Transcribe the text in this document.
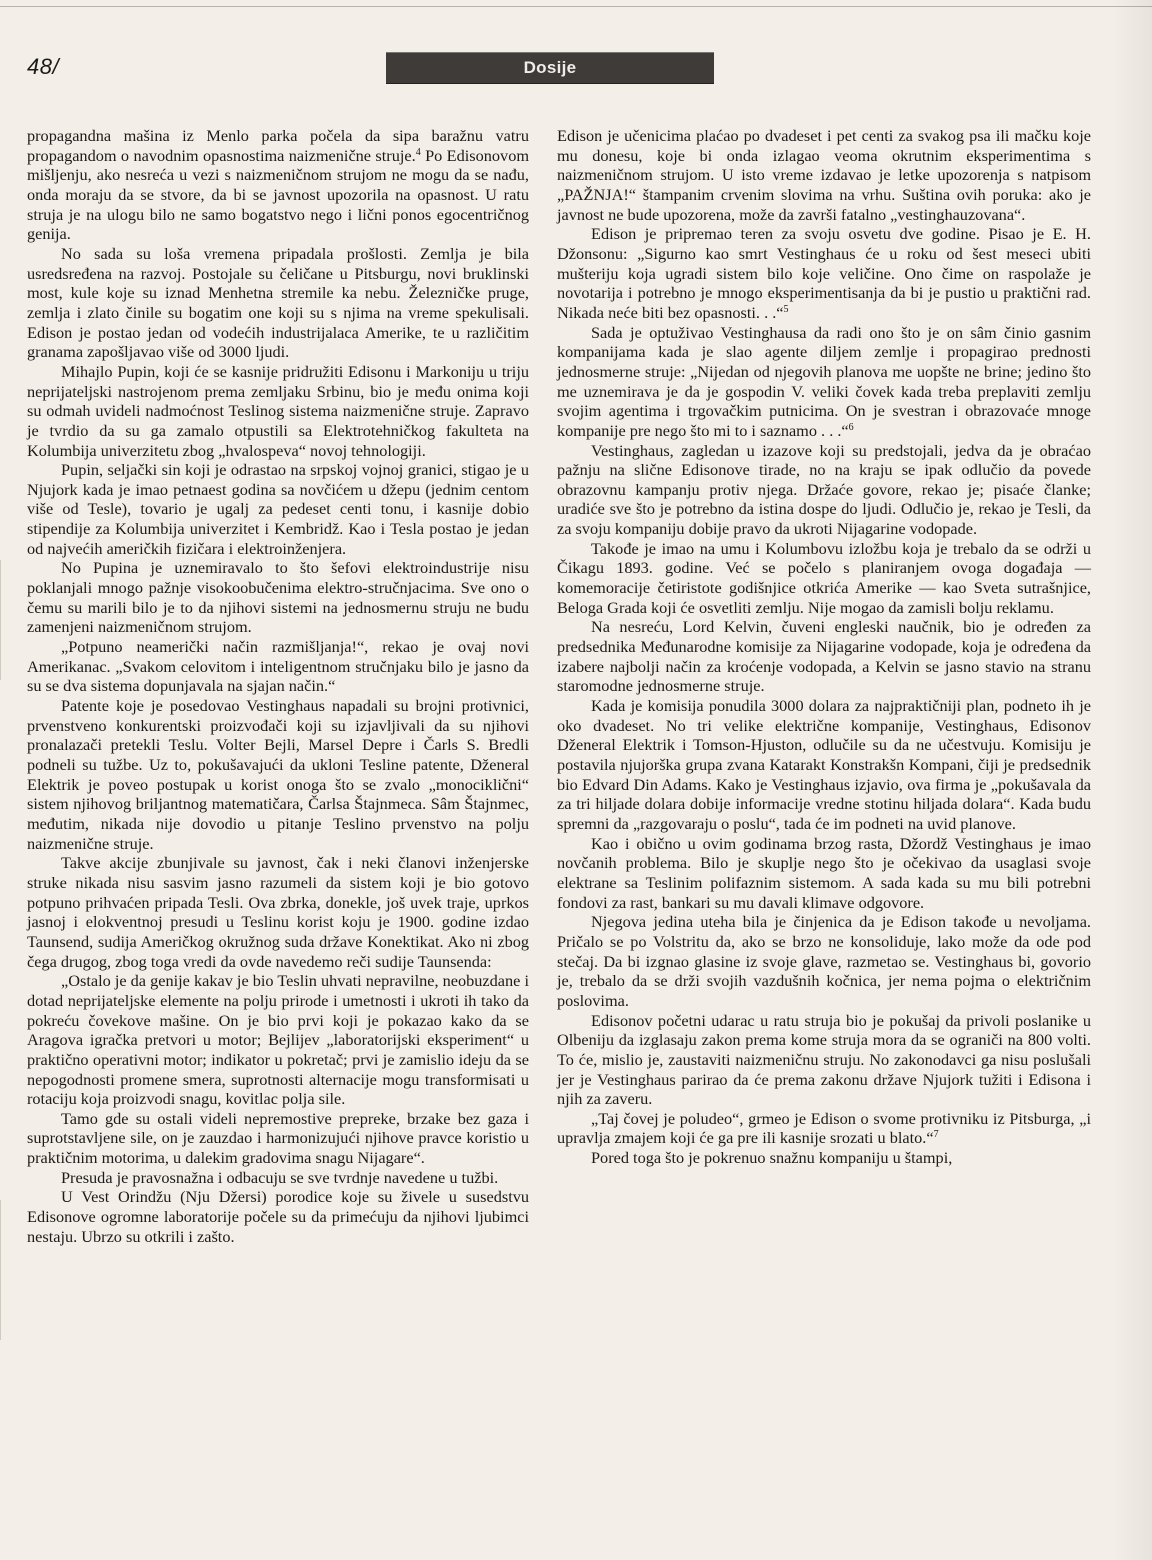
48/	Dosije

propagandna mašina iz Menlo parka počela da sipa baražnu vatru propagandom o navodnim opasnostima naizmenične struje.$^4$ Po Edisonovom mišljenju, ako nesreća u vezi s naizmeničnom strujom ne mogu da se nađu, onda moraju da se stvore, da bi se javnost upozorila na opasnost. U ratu struja je na ulogu bilo ne samo bogatstvo nego i lični ponos egocentričnog genija.

No sada su loša vremena pripadala prošlosti. Zemlja je bila usredsređena na razvoj. Postojale su čeličane u Pitsburgu, novi bruklinski most, kule koje su iznad Menhetna stremile ka nebu. Železničke pruge, zemlja i zlato činile su bogatim one koji su s njima na vreme spekulisali. Edison je postao jedan od vodećih industrijalaca Amerike, te u različitim granama zapošljavao više od 3000 ljudi.

Mihajlo Pupin, koji će se kasnije pridružiti Edisonu i Markoniju u triju neprijateljski nastrojenom prema zemljaku Srbinu, bio je među onima koji su odmah uvideli nadmoćnost Teslinog sistema naizmenične struje. Zapravo je tvrdio da su ga zamalo otpustili sa Elektrotehničkog fakulteta na Kolumbija univerzitetu zbog „hvalospeva“ novoj tehnologiji.

Pupin, seljački sin koji je odrastao na srpskoj vojnoj granici, stigao je u Njujork kada je imao petnaest godina sa novčićem u džepu (jednim centom više od Tesle), tovario je ugalj za pedeset centi tonu, i kasnije dobio stipendije za Kolumbija univerzitet i Kembridž. Kao i Tesla postao je jedan od najvećih američkih fizičara i elektroinženjera.

No Pupina je uznemiravalo to što šefovi elektroindustrije nisu poklanjali mnogo pažnje visokoobučenima elektro-stručnjacima. Sve ono o čemu su marili bilo je to da njihovi sistemi na jednosmernu struju ne budu zamenjeni naizmeničnom strujom.

„Potpuno neamerički način razmišljanja!“, rekao je ovaj novi Amerikanac. „Svakom celovitom i inteligentnom stručnjaku bilo je jasno da su se dva sistema dopunjavala na sjajan način.“

Patente koje je posedovao Vestinghaus napadali su brojni protivnici, prvenstveno konkurentski proizvođači koji su izjavljivali da su njihovi pronalazači pretekli Teslu. Volter Bejli, Marsel Depre i Čarls S. Bredli podneli su tužbe. Uz to, pokušavajući da ukloni Tesline patente, Dženeral Elektrik je poveo postupak u korist onoga što se zvalo „monociklični“ sistem njihovog briljantnog matematičara, Čarlsa Štajnmeca. Sâm Štajnmec, međutim, nikada nije dovodio u pitanje Teslino prvenstvo na polju naizmenične struje.

Takve akcije zbunjivale su javnost, čak i neki članovi inženjerske struke nikada nisu sasvim jasno razumeli da sistem koji je bio gotovo potpuno prihvaćen pripada Tesli. Ova zbrka, donekle, još uvek traje, uprkos jasnoj i elokventnoj presudi u Teslinu korist koju je 1900. godine izdao Taunsend, sudija Američkog okružnog suda države Konektikat. Ako ni zbog čega drugog, zbog toga vredi da ovde navedemo reči sudije Taunsenda:

„Ostalo je da genije kakav je bio Teslin uhvati nepravilne, neobuzdane i dotad neprijateljske elemente na polju prirode i umetnosti i ukroti ih tako da pokreću čovekove mašine. On je bio prvi koji je pokazao kako da se Aragova igračka pretvori u motor; Bejlijev „laboratorijski eksperiment“ u praktično operativni motor; indikator u pokretač; prvi je zamislio ideju da se nepogodnosti promene smera, suprotnosti alternacije mogu transformisati u rotaciju koja proizvodi snagu, kovitlac polja sile.

Tamo gde su ostali videli nepremostive prepreke, brzake bez gaza i suprotstavljene sile, on je zauzdao i harmonizujući njihove pravce koristio u praktičnim motorima, u dalekim gradovima snagu Nijagare“.

Presuda je pravosnažna i odbacuju se sve tvrdnje navedene u tužbi.

U Vest Orindžu (Nju Džersi) porodice koje su živele u susedstvu Edisonove ogromne laboratorije počele su da primećuju da njihovi ljubimci nestaju. Ubrzo su otkrili i zašto.

Edison je učenicima plaćao po dvadeset i pet centi za svakog psa ili mačku koje mu donesu, koje bi onda izlagao veoma okrutnim eksperimentima s naizmeničnom strujom. U isto vreme izdavao je letke upozorenja s natpisom „PAŽNJA!“ štampanim crvenim slovima na vrhu. Suština ovih poruka: ako je javnost ne bude upozorena, može da završi fatalno „vestinghauzovana“.

Edison je pripremao teren za svoju osvetu dve godine. Pisao je E. H. Džonsonu: „Sigurno kao smrt Vestinghaus će u roku od šest meseci ubiti mušteriju koja ugradi sistem bilo koje veličine. Ono čime on raspolaže je novotarija i potrebno je mnogo eksperimentisanja da bi je pustio u praktični rad. Nikada neće biti bez opasnosti. . .“$^5$

Sada je optuživao Vestinghausa da radi ono što je on sâm činio gasnim kompanijama kada je slao agente diljem zemlje i propagirao prednosti jednosmerne struje: „Nijedan od njegovih planova me uopšte ne brine; jedino što me uznemirava je da je gospodin V. veliki čovek kada treba preplaviti zemlju svojim agentima i trgovačkim putnicima. On je svestran i obrazovaće mnoge kompanije pre nego što mi to i saznamo . . .“$^6$

Vestinghaus, zagledan u izazove koji su predstojali, jedva da je obraćao pažnju na slične Edisonove tirade, no na kraju se ipak odlučio da povede obrazovnu kampanju protiv njega. Držaće govore, rekao je; pisaće članke; uradiće sve što je potrebno da istina dospe do ljudi. Odlučio je, rekao je Tesli, da za svoju kompaniju dobije pravo da ukroti Nijagarine vodopade.

Takođe je imao na umu i Kolumbovu izložbu koja je trebalo da se održi u Čikagu 1893. godine. Već se počelo s planiranjem ovoga događaja — komemoracije četiristote godišnjice otkrića Amerike — kao Sveta sutrašnjice, Beloga Grada koji će osvetliti zemlju. Nije mogao da zamisli bolju reklamu.

Na nesreću, Lord Kelvin, čuveni engleski naučnik, bio je određen za predsednika Međunarodne komisije za Nijagarine vodopade, koja je određena da izabere najbolji način za kroćenje vodopada, a Kelvin se jasno stavio na stranu staromodne jednosmerne struje.

Kada je komisija ponudila 3000 dolara za najpraktičniji plan, podneto ih je oko dvadeset. No tri velike električne kompanije, Vestinghaus, Edisonov Dženeral Elektrik i Tomson-Hjuston, odlučile su da ne učestvuju. Komisiju je postavila njujorška grupa zvana Katarakt Konstrakšn Kompani, čiji je predsednik bio Edvard Din Adams. Kako je Vestinghaus izjavio, ova firma je „pokušavala da za tri hiljade dolara dobije informacije vredne stotinu hiljada dolara“. Kada budu spremni da „razgovaraju o poslu“, tada će im podneti na uvid planove.

Kao i obično u ovim godinama brzog rasta, Džordž Vestinghaus je imao novčanih problema. Bilo je skuplje nego što je očekivao da usaglasi svoje elektrane sa Teslinim polifaznim sistemom. A sada kada su mu bili potrebni fondovi za rast, bankari su mu davali klimave odgovore.

Njegova jedina uteha bila je činjenica da je Edison takođe u nevoljama. Pričalo se po Volstritu da, ako se brzo ne konsoliduje, lako može da ode pod stečaj. Da bi izgnao glasine iz svoje glave, razmetao se. Vestinghaus bi, govorio je, trebalo da se drži svojih vazdušnih kočnica, jer nema pojma o električnim poslovima.

Edisonov početni udarac u ratu struja bio je pokušaj da privoli poslanike u Olbeniju da izglasaju zakon prema kome struja mora da se ograniči na 800 volti. To će, mislio je, zaustaviti naizmeničnu struju. No zakonodavci ga nisu poslušali jer je Vestinghaus pariraо da će prema zakonu države Njujork tužiti i Edisona i njih za zaveru.

„Taj čovej je poludeo“, grmeo je Edison o svome protivniku iz Pitsburga, „i upravlja zmajem koji će ga pre ili kasnije srozati u blato.“$^7$

Pored toga što je pokrenuo snažnu kompaniju u štampi,
